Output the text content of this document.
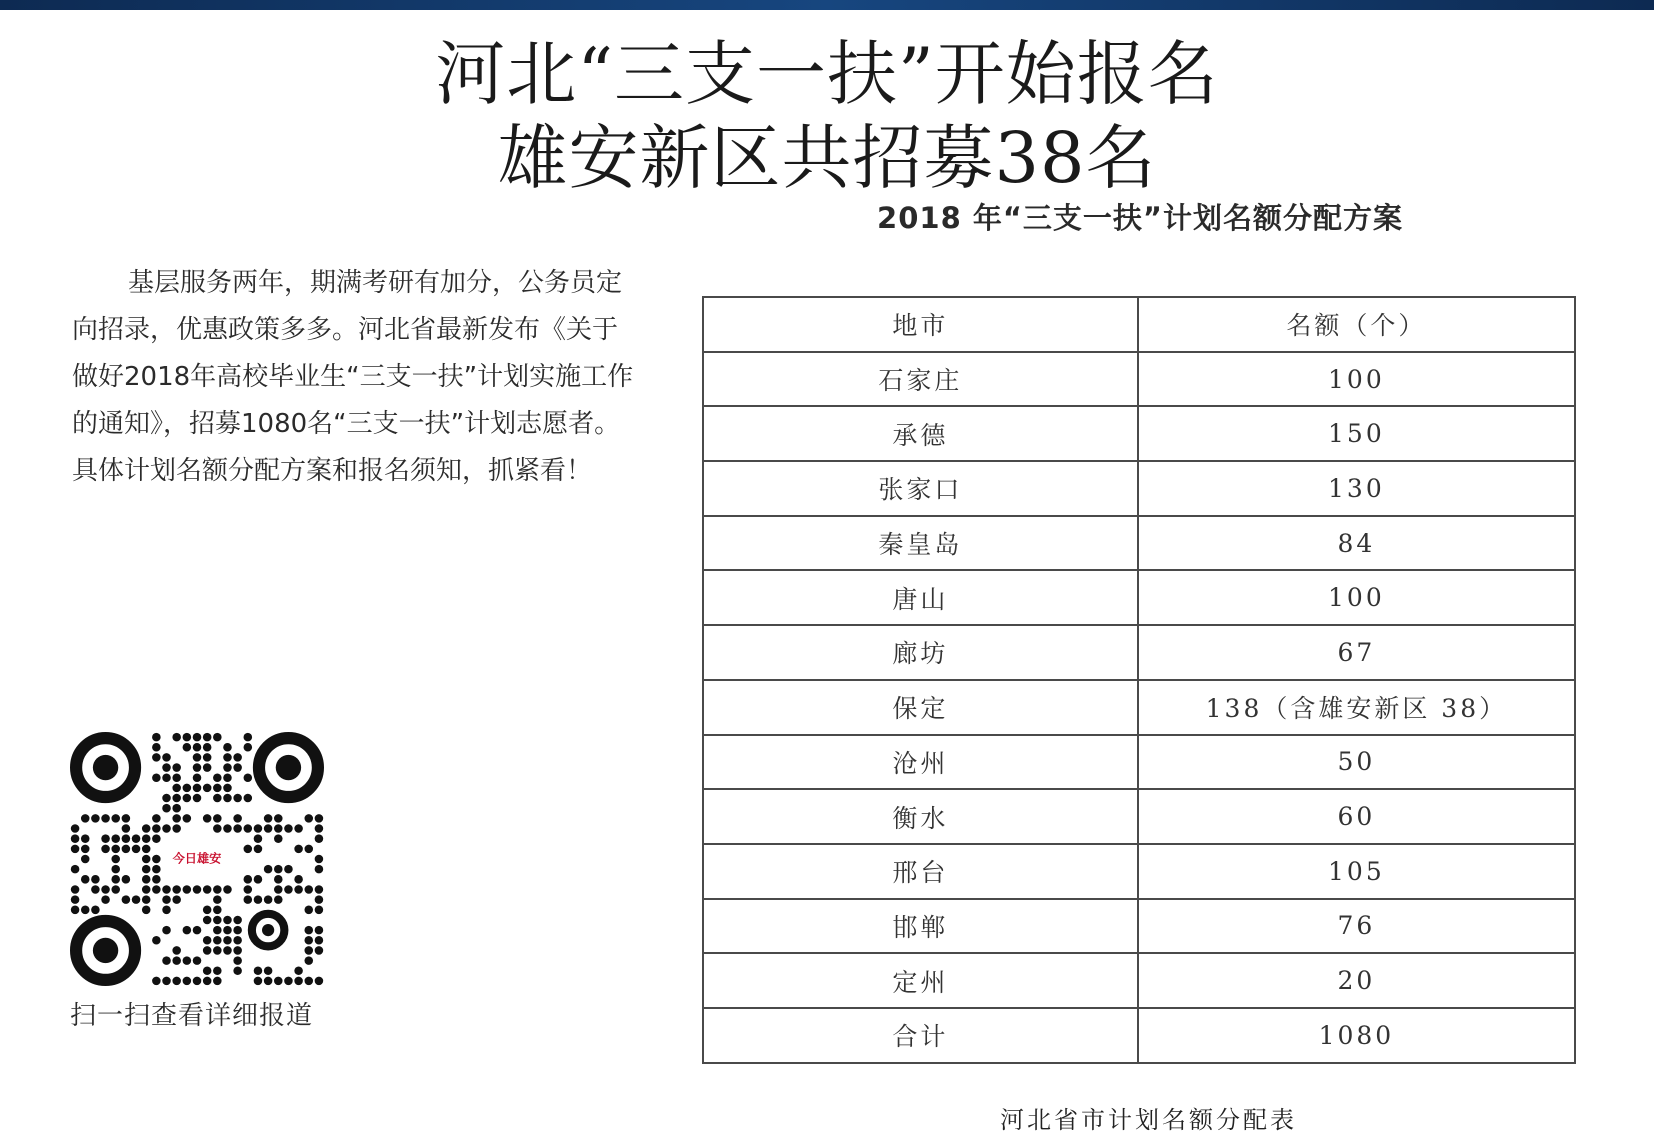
河北“三支一扶”开始报名
雄安新区共招募38名
2018 年“三支一扶”计划名额分配方案

基层服务两年，期满考研有加分，公务员定向招录，优惠政策多多。河北省最新发布《关于做好2018年高校毕业生“三支一扶”计划实施工作的通知》，招募1080名“三支一扶”计划志愿者。具体计划名额分配方案和报名须知，抓紧看！

今日雄安
扫一扫查看详细报道
地市	名额（个）
石家庄	100
承德	150
张家口	130
秦皇岛	84
唐山	100
廊坊	67
保定	138（含雄安新区 38）
沧州	50
衡水	60
邢台	105
邯郸	76
定州	20
合计	1080
河北省市计划名额分配表
